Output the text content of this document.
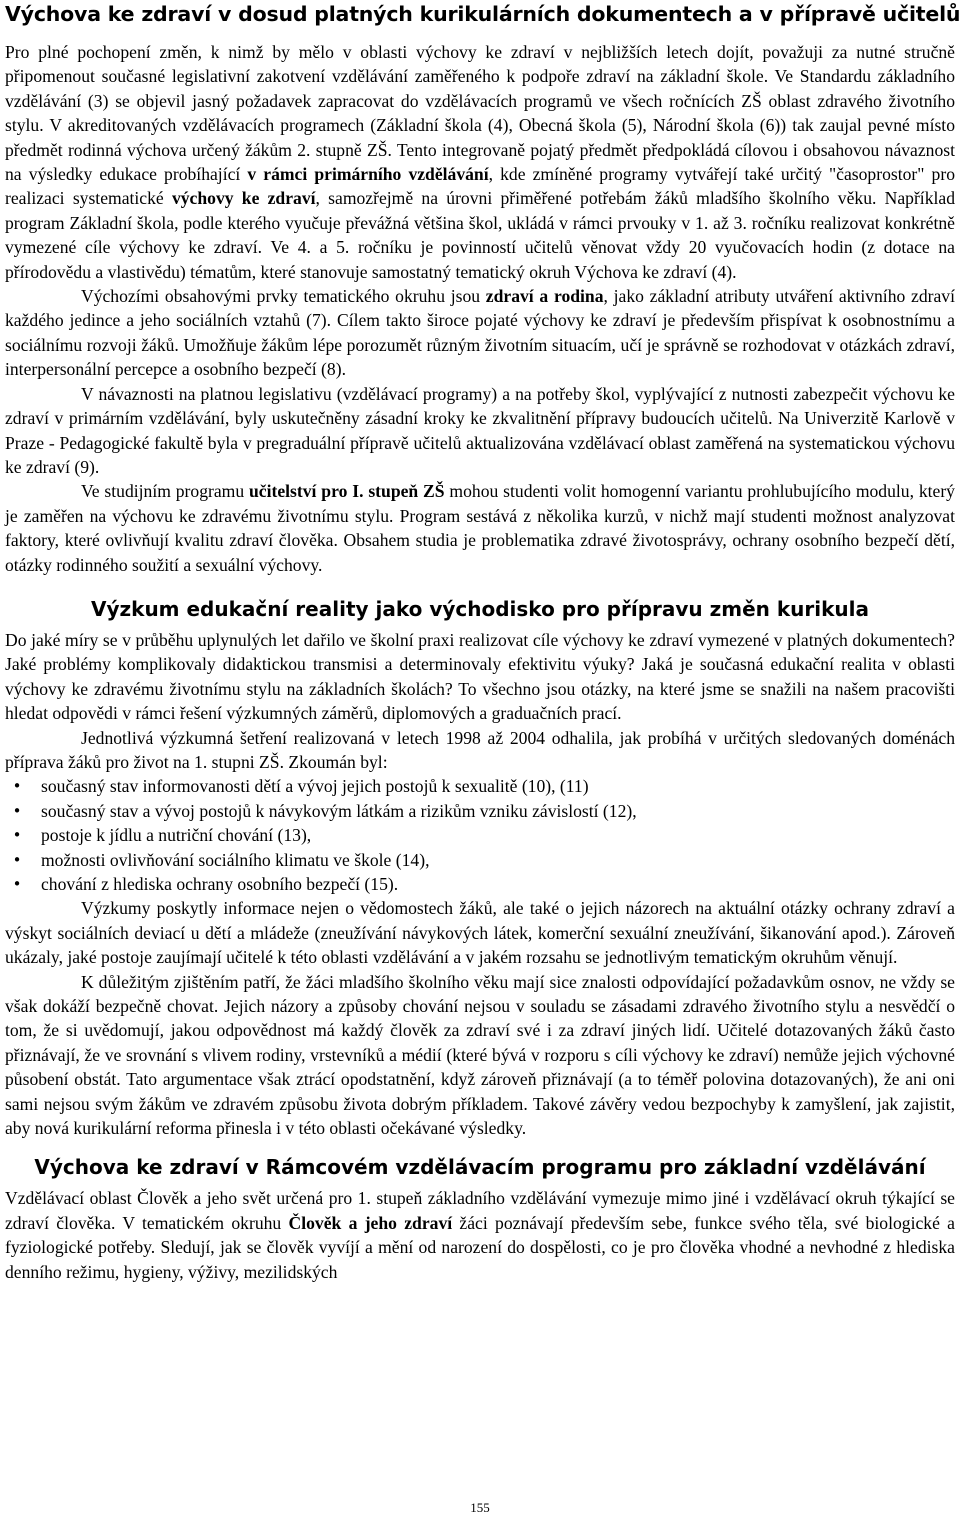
Výchova ke zdraví v dosud platných kurikulárních dokumentech a v přípravě učitelů

Pro plné pochopení změn, k nimž by mělo v oblasti výchovy ke zdraví v nejbližších letech dojít, považuji za nutné stručně připomenout současné legislativní zakotvení vzdělávání zaměřeného k podpoře zdraví na základní škole. Ve Standardu základního vzdělávání (3) se objevil jasný požadavek zapracovat do vzdělávacích programů ve všech ročnících ZŠ oblast zdravého životního stylu. V akreditovaných vzdělávacích programech (Základní škola (4), Obecná škola (5), Národní škola (6)) tak zaujal pevné místo předmět rodinná výchova určený žákům 2. stupně ZŠ. Tento integrovaně pojatý předmět předpokládá cílovou i obsahovou návaznost na výsledky edukace probíhající v rámci primárního vzdělávání, kde zmíněné programy vytvářejí také určitý "časoprostor" pro realizaci systematické výchovy ke zdraví, samozřejmě na úrovni přiměřené potřebám žáků mladšího školního věku. Například program Základní škola, podle kterého vyučuje převážná většina škol, ukládá v rámci prvouky v 1. až 3. ročníku realizovat konkrétně vymezené cíle výchovy ke zdraví. Ve 4. a 5. ročníku je povinností učitelů věnovat vždy 20 vyučovacích hodin (z dotace na přírodovědu a vlastivědu) tématům, které stanovuje samostatný tematický okruh Výchova ke zdraví (4).

Výchozími obsahovými prvky tematického okruhu jsou zdraví a rodina, jako základní atributy utváření aktivního zdraví každého jedince a jeho sociálních vztahů (7). Cílem takto široce pojaté výchovy ke zdraví je především přispívat k osobnostnímu a sociálnímu rozvoji žáků. Umožňuje žákům lépe porozumět různým životním situacím, učí je správně se rozhodovat v otázkách zdraví, interpersonální percepce a osobního bezpečí (8).

V návaznosti na platnou legislativu (vzdělávací programy) a na potřeby škol, vyplývající z nutnosti zabezpečit výchovu ke zdraví v primárním vzdělávání, byly uskutečněny zásadní kroky ke zkvalitnění přípravy budoucích učitelů. Na Univerzitě Karlově v Praze - Pedagogické fakultě byla v pregraduální přípravě učitelů aktualizována vzdělávací oblast zaměřená na systematickou výchovu ke zdraví (9).

Ve studijním programu učitelství pro I. stupeň ZŠ mohou studenti volit homogenní variantu prohlubujícího modulu, který je zaměřen na výchovu ke zdravému životnímu stylu. Program sestává z několika kurzů, v nichž mají studenti možnost analyzovat faktory, které ovlivňují kvalitu zdraví člověka. Obsahem studia je problematika zdravé životosprávy, ochrany osobního bezpečí dětí, otázky rodinného soužití a sexuální výchovy.

Výzkum edukační reality jako východisko pro přípravu změn kurikula

Do jaké míry se v průběhu uplynulých let dařilo ve školní praxi realizovat cíle výchovy ke zdraví vymezené v platných dokumentech? Jaké problémy komplikovaly didaktickou transmisi a determinovaly efektivitu výuky? Jaká je současná edukační realita v oblasti výchovy ke zdravému životnímu stylu na základních školách? To všechno jsou otázky, na které jsme se snažili na našem pracovišti hledat odpovědi v rámci řešení výzkumných záměrů, diplomových a graduačních prací.

Jednotlivá výzkumná šetření realizovaná v letech 1998 až 2004 odhalila, jak probíhá v určitých sledovaných doménách příprava žáků pro život na 1. stupni ZŠ. Zkoumán byl:

• současný stav informovanosti dětí a vývoj jejich postojů k sexualitě (10), (11)
• současný stav a vývoj postojů k návykovým látkám a rizikům vzniku závislostí (12),
• postoje k jídlu a nutriční chování (13),
• možnosti ovlivňování sociálního klimatu ve škole (14),
• chování z hlediska ochrany osobního bezpečí (15).

Výzkumy poskytly informace nejen o vědomostech žáků, ale také o jejich názorech na aktuální otázky ochrany zdraví a výskyt sociálních deviací u dětí a mládeže (zneužívání návykových látek, komerční sexuální zneužívání, šikanování apod.). Zároveň ukázaly, jaké postoje zaujímají učitelé k této oblasti vzdělávání a v jakém rozsahu se jednotlivým tematickým okruhům věnují.

K důležitým zjištěním patří, že žáci mladšího školního věku mají sice znalosti odpovídající požadavkům osnov, ne vždy se však dokáží bezpečně chovat. Jejich názory a způsoby chování nejsou v souladu se zásadami zdravého životního stylu a nesvědčí o tom, že si uvědomují, jakou odpovědnost má každý člověk za zdraví své i za zdraví jiných lidí. Učitelé dotazovaných žáků často přiznávají, že ve srovnání s vlivem rodiny, vrstevníků a médií (které bývá v rozporu s cíli výchovy ke zdraví) nemůže jejich výchovné působení obstát. Tato argumentace však ztrácí opodstatnění, když zároveň přiznávají (a to téměř polovina dotazovaných), že ani oni sami nejsou svým žákům ve zdravém způsobu života dobrým příkladem. Takové závěry vedou bezpochyby k zamyšlení, jak zajistit, aby nová kurikulární reforma přinesla i v této oblasti očekávané výsledky.

Výchova ke zdraví v Rámcovém vzdělávacím programu pro základní vzdělávání

Vzdělávací oblast Člověk a jeho svět určená pro 1. stupeň základního vzdělávání vymezuje mimo jiné i vzdělávací okruh týkající se zdraví člověka. V tematickém okruhu Člověk a jeho zdraví žáci poznávají především sebe, funkce svého těla, své biologické a fyziologické potřeby. Sledují, jak se člověk vyvíjí a mění od narození do dospělosti, co je pro člověka vhodné a nevhodné z hlediska denního režimu, hygieny, výživy, mezilidských

155
